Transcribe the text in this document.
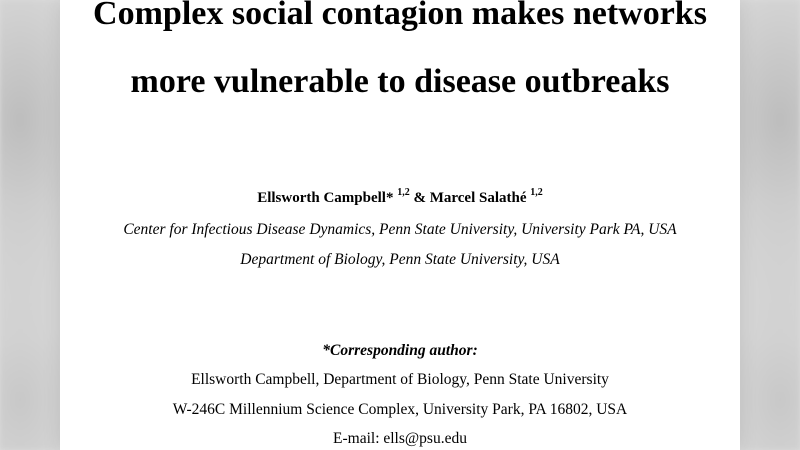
Complex social contagion makes networks
more vulnerable to disease outbreaks
Ellsworth Campbell* $^{1,2}$ & Marcel Salathé $^{1,2}$
Center for Infectious Disease Dynamics, Penn State University, University Park PA, USA
Department of Biology, Penn State University, USA
*Corresponding author:
Ellsworth Campbell, Department of Biology, Penn State University
W-246C Millennium Science Complex, University Park, PA 16802, USA
E-mail: ells@psu.edu
